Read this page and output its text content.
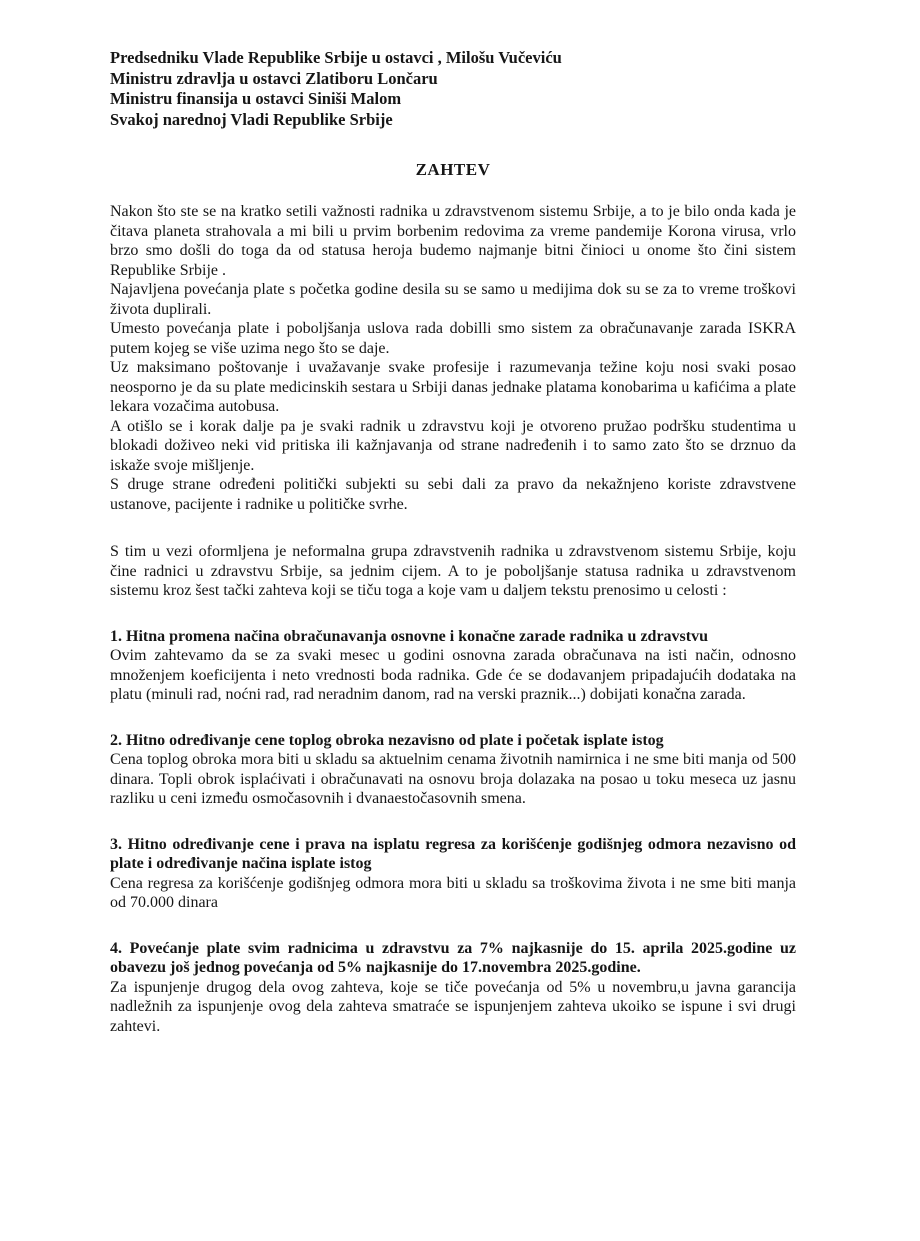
Predsedniku Vlade Republike Srbije u ostavci , Milošu Vučeviću
Ministru zdravlja u ostavci Zlatiboru Lončaru
Ministru finansija u ostavci Siniši Malom
Svakoj narednoj Vladi Republike Srbije
ZAHTEV

Nakon što ste se na kratko setili važnosti radnika u zdravstvenom sistemu Srbije, a to je bilo onda kada je čitava planeta strahovala a mi bili u prvim borbenim redovima za vreme pandemije Korona virusa, vrlo brzo smo došli do toga da od statusa heroja budemo najmanje bitni činioci u onome što čini sistem Republike Srbije .

Najavljena povećanja plate s početka godine desila su se samo u medijima dok su se za to vreme troškovi života duplirali.

Umesto povećanja plate i poboljšanja uslova rada dobilli smo sistem za obračunavanje zarada ISKRA putem kojeg se više uzima nego što se daje.

Uz maksimano poštovanje i uvažavanje svake profesije i razumevanja težine koju nosi svaki posao neosporno je da su plate medicinskih sestara u Srbiji danas jednake platama konobarima u kafićima a plate lekara vozačima autobusa.

A otišlo se i korak dalje pa je svaki radnik u zdravstvu koji je otvoreno pružao podršku studentima u blokadi doživeo neki vid pritiska ili kažnjavanja od strane nadređenih i to samo zato što se drznuo da iskaže svoje mišljenje.

S druge strane određeni politički subjekti su sebi dali za pravo da nekažnjeno koriste zdravstvene ustanove, pacijente i radnike u političke svrhe.

S tim u vezi oformljena je neformalna grupa zdravstvenih radnika u zdravstvenom sistemu Srbije, koju čine radnici u zdravstvu Srbije, sa jednim cijem. A to je poboljšanje statusa radnika u zdravstvenom sistemu kroz šest tački zahteva koji se tiču toga a koje vam u daljem tekstu prenosimo u celosti :

1. Hitna promena načina obračunavanja osnovne i konačne zarade radnika u zdravstvu
Ovim zahtevamo da se za svaki mesec u godini osnovna zarada obračunava na isti način, odnosno množenjem koeficijenta i neto vrednosti boda radnika. Gde će se dodavanjem pripadajućih dodataka na platu (minuli rad, noćni rad, rad neradnim danom, rad na verski praznik...) dobijati konačna zarada.
2. Hitno određivanje cene toplog obroka nezavisno od plate i početak isplate istog
Cena toplog obroka mora biti u skladu sa aktuelnim cenama životnih namirnica i ne sme biti manja od 500 dinara. Topli obrok isplaćivati i obračunavati na osnovu broja dolazaka na posao u toku meseca uz jasnu razliku u ceni između osmočasovnih i dvanaestočasovnih smena.
3. Hitno određivanje cene i prava na isplatu regresa za korišćenje godišnjeg odmora nezavisno od plate i određivanje načina isplate istog
Cena regresa za korišćenje godišnjeg odmora mora biti u skladu sa troškovima života i ne sme biti manja od 70.000 dinara
4. Povećanje plate svim radnicima u zdravstvu za 7% najkasnije do 15. aprila 2025.godine uz obavezu još jednog povećanja od 5% najkasnije do 17.novembra 2025.godine.
Za ispunjenje drugog dela ovog zahteva, koje se tiče povećanja od 5% u novembru,u javna garancija nadležnih za ispunjenje ovog dela zahteva smatraće se ispunjenjem zahteva ukoiko se ispune i svi drugi zahtevi.
